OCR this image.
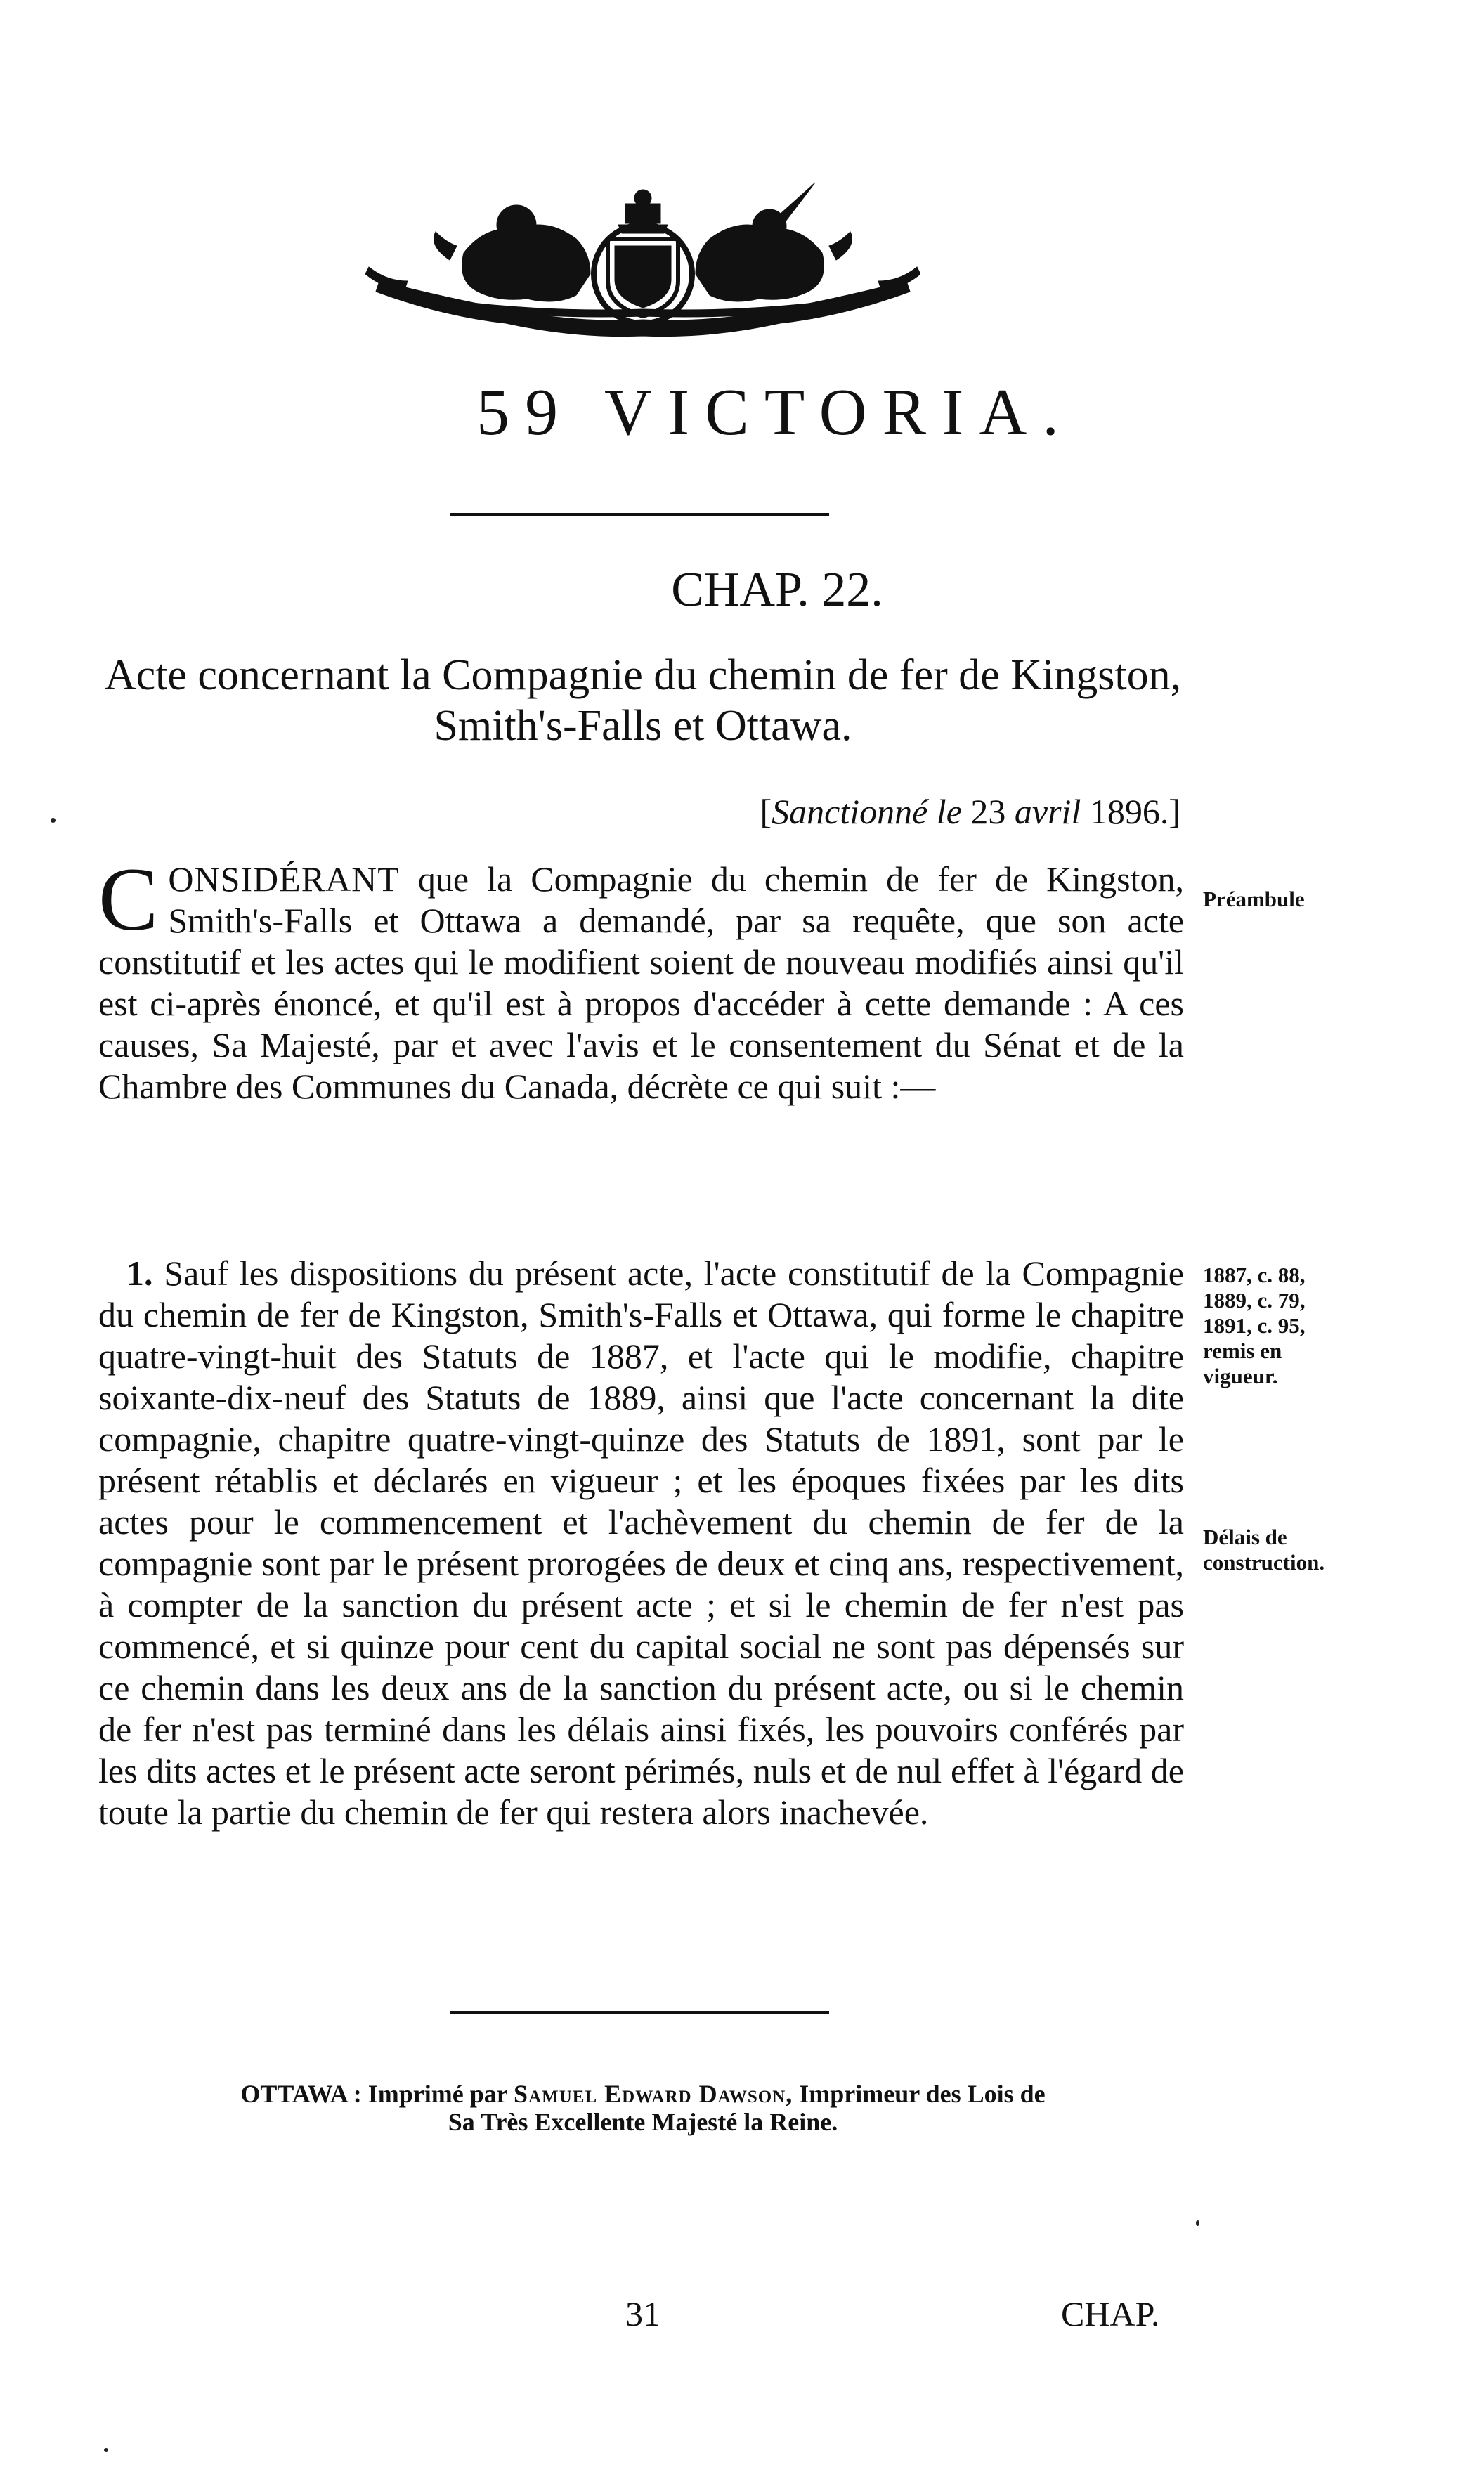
59 VICTORIA.
CHAP. 22.
Acte concernant la Compagnie du chemin de fer de Kingston, Smith's-Falls et Ottawa.
[Sanctionné le 23 avril 1896.]
CONSIDÉRANT que la Compagnie du chemin de fer de Kingston, Smith's-Falls et Ottawa a demandé, par sa requête, que son acte constitutif et les actes qui le modifient soient de nouveau modifiés ainsi qu'il est ci-après énoncé, et qu'il est à propos d'accéder à cette demande : A ces causes, Sa Majesté, par et avec l'avis et le consentement du Sénat et de la Chambre des Communes du Canada, décrète ce qui suit :—
Préambule
1. Sauf les dispositions du présent acte, l'acte constitutif de la Compagnie du chemin de fer de Kingston, Smith's-Falls et Ottawa, qui forme le chapitre quatre-vingt-huit des Statuts de 1887, et l'acte qui le modifie, chapitre soixante-dix-neuf des Statuts de 1889, ainsi que l'acte concernant la dite compagnie, chapitre quatre-vingt-quinze des Statuts de 1891, sont par le présent rétablis et déclarés en vigueur ; et les époques fixées par les dits actes pour le commencement et l'achèvement du chemin de fer de la compagnie sont par le présent prorogées de deux et cinq ans, respectivement, à compter de la sanction du présent acte ; et si le chemin de fer n'est pas commencé, et si quinze pour cent du capital social ne sont pas dépensés sur ce chemin dans les deux ans de la sanction du présent acte, ou si le chemin de fer n'est pas terminé dans les délais ainsi fixés, les pouvoirs conférés par les dits actes et le présent acte seront périmés, nuls et de nul effet à l'égard de toute la partie du chemin de fer qui restera alors inachevée.
1887, c. 88,
1889, c. 79,
1891, c. 95,
remis en
vigueur.
Délais de
construction.
OTTAWA : Imprimé par Samuel Edward Dawson, Imprimeur des Lois de
Sa Très Excellente Majesté la Reine.
31	CHAP.
